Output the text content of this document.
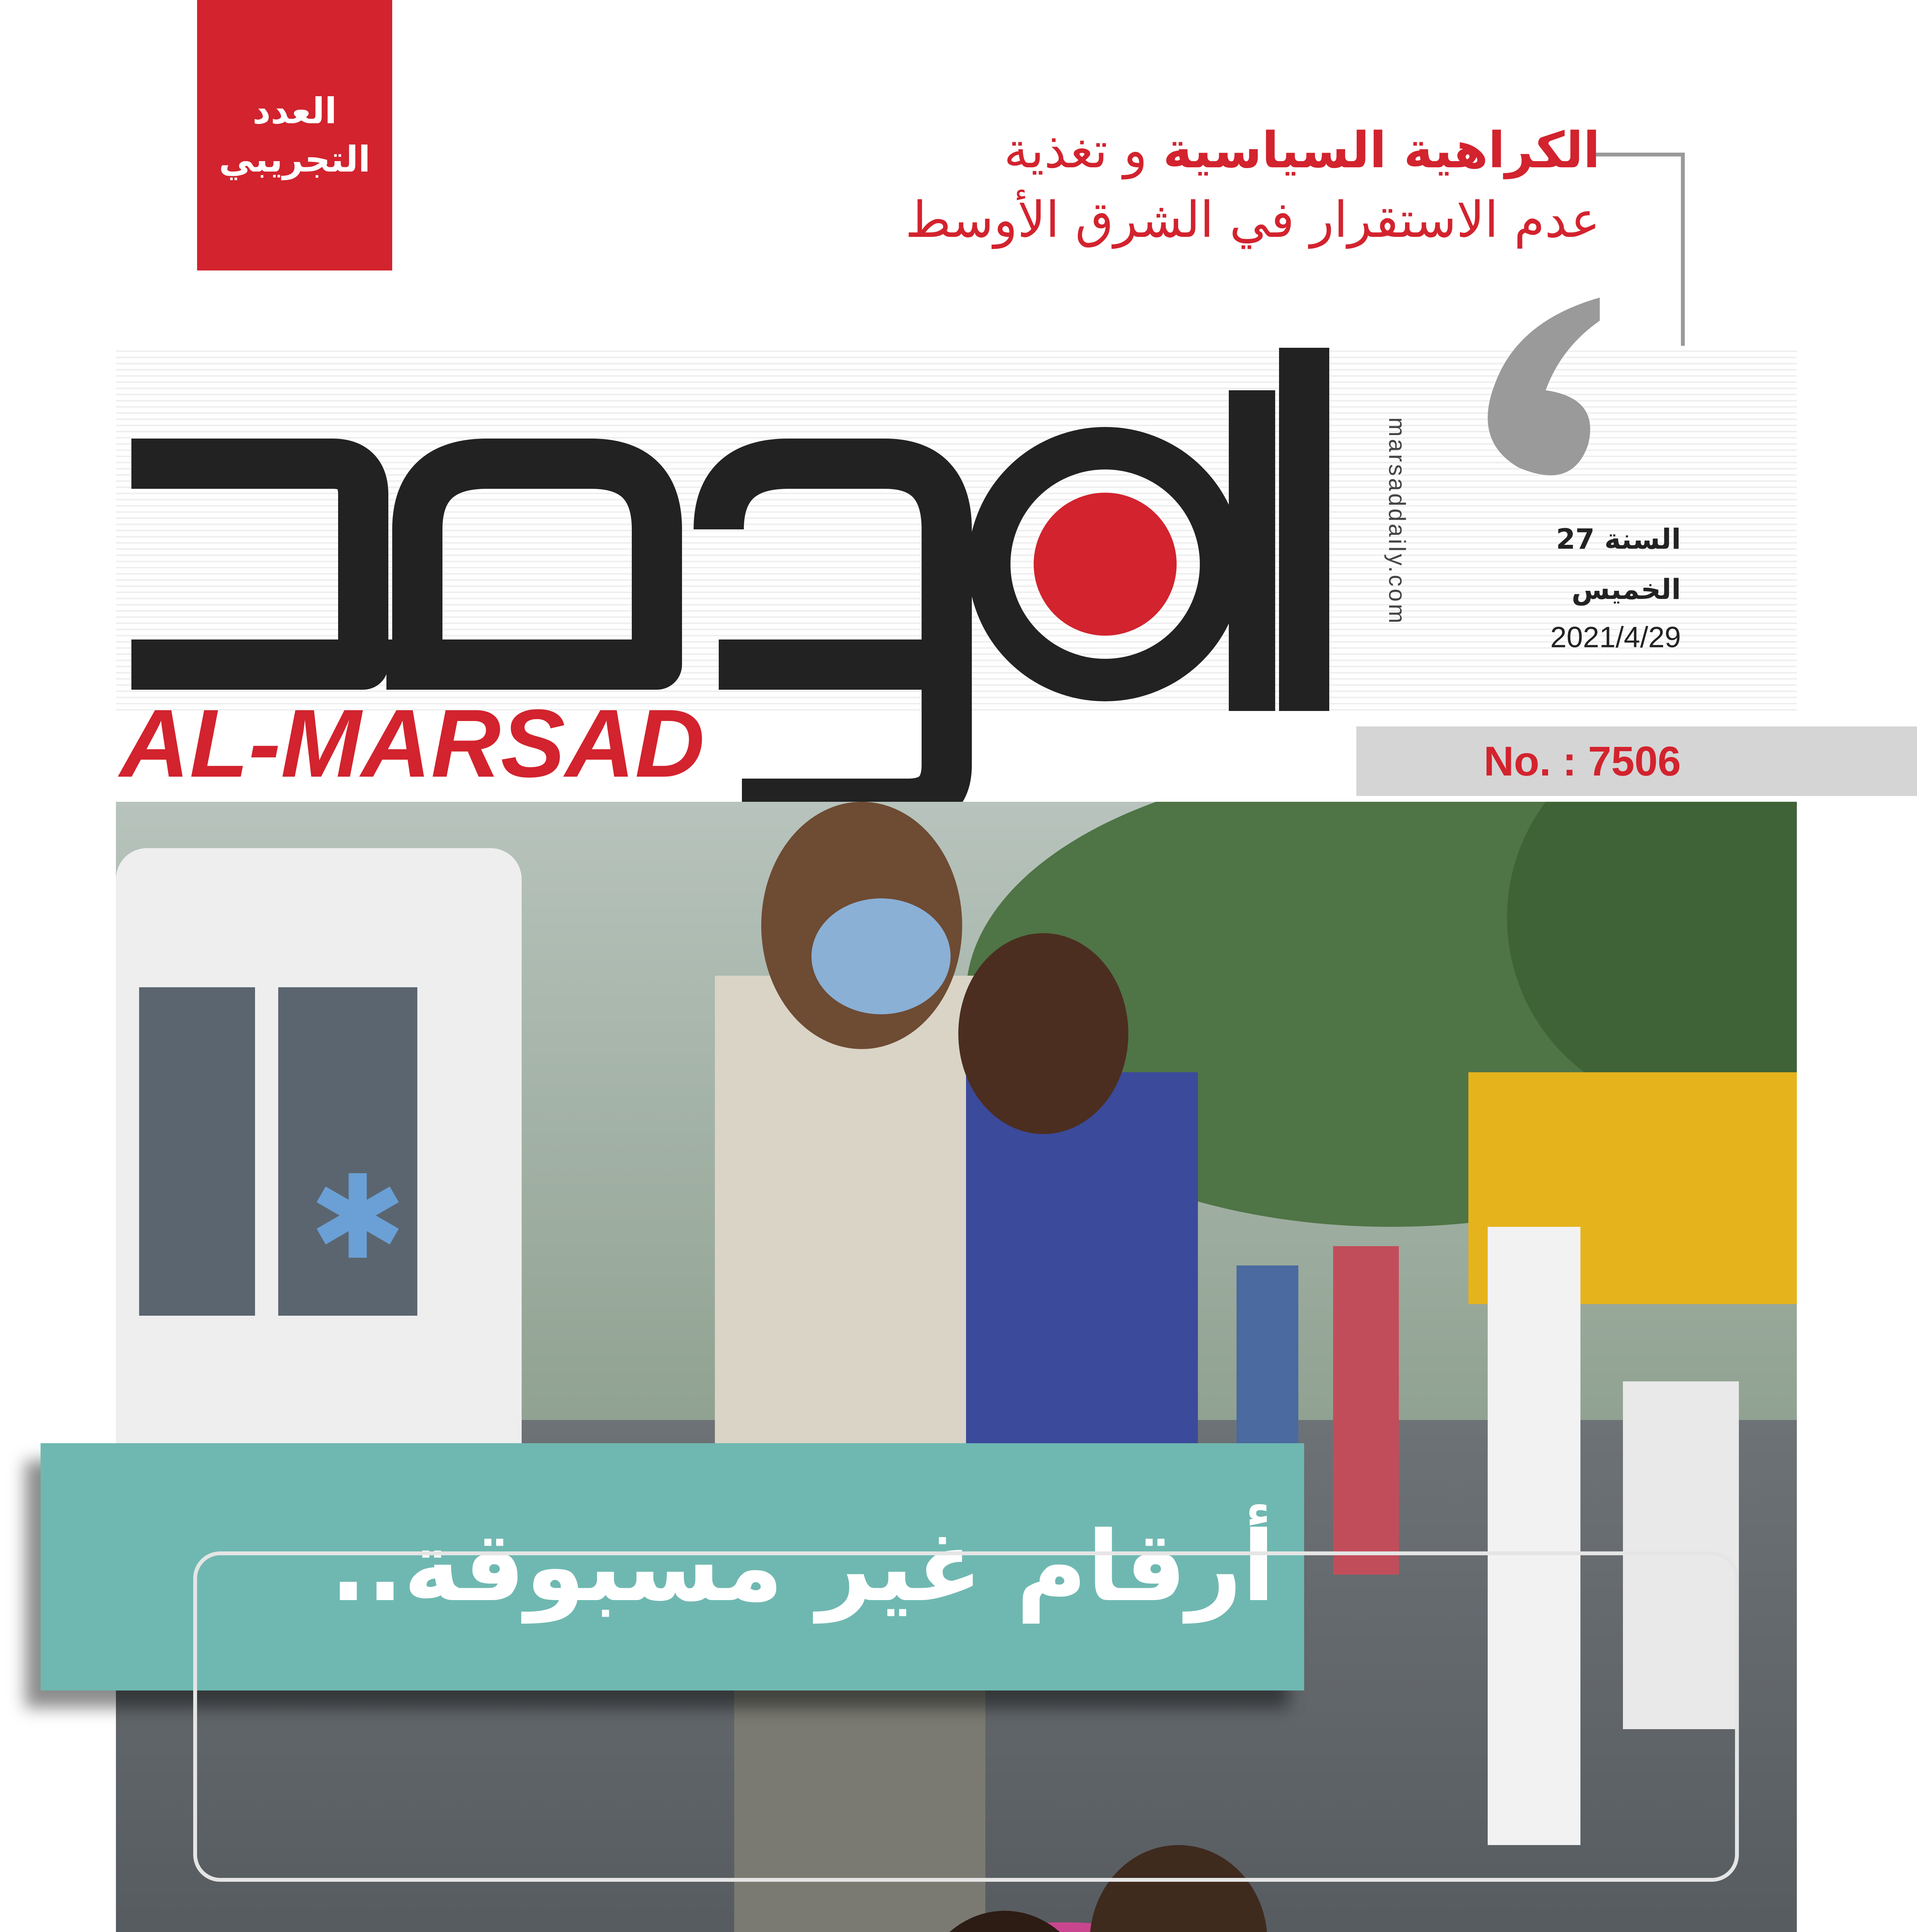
العدد
التجريبي	الكراهية السياسية و تغذية
عدم الاستقرار في الشرق الأوسط
AL-MARSAD
marsaddaily.com	السنة 27
الخميس
2021/4/29
No. : 7506
✱
أرقام غير مسبوقة..
